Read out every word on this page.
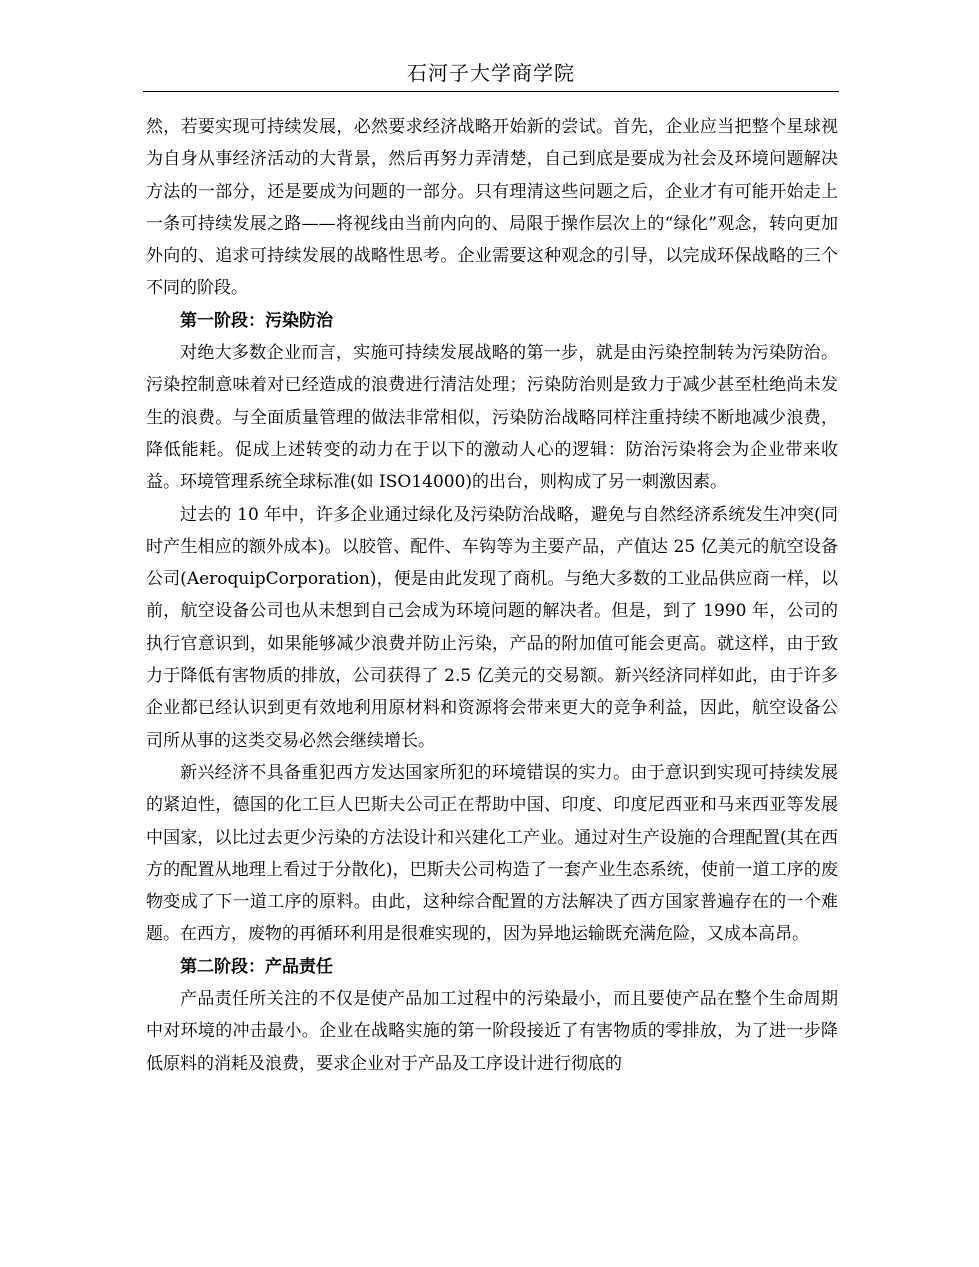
石河子大学商学院

然，若要实现可持续发展，必然要求经济战略开始新的尝试。首先，企业应当把整个星球视为自身从事经济活动的大背景，然后再努力弄清楚，自己到底是要成为社会及环境问题解决方法的一部分，还是要成为问题的一部分。只有理清这些问题之后，企业才有可能开始走上一条可持续发展之路——将视线由当前内向的、局限于操作层次上的“绿化”观念，转向更加外向的、追求可持续发展的战略性思考。企业需要这种观念的引导，以完成环保战略的三个不同的阶段。

第一阶段：污染防治

对绝大多数企业而言，实施可持续发展战略的第一步，就是由污染控制转为污染防治。污染控制意味着对已经造成的浪费进行清洁处理；污染防治则是致力于减少甚至杜绝尚未发生的浪费。与全面质量管理的做法非常相似，污染防治战略同样注重持续不断地减少浪费，降低能耗。促成上述转变的动力在于以下的激动人心的逻辑：防治污染将会为企业带来收益。环境管理系统全球标准(如 ISO14000)的出台，则构成了另一刺激因素。

过去的 10 年中，许多企业通过绿化及污染防治战略，避免与自然经济系统发生冲突(同时产生相应的额外成本)。以胶管、配件、车钩等为主要产品，产值达 25 亿美元的航空设备公司(AeroquipCorporation)，便是由此发现了商机。与绝大多数的工业品供应商一样，以前，航空设备公司也从未想到自己会成为环境问题的解决者。但是，到了 1990 年，公司的执行官意识到，如果能够减少浪费并防止污染，产品的附加值可能会更高。就这样，由于致力于降低有害物质的排放，公司获得了 2.5 亿美元的交易额。新兴经济同样如此，由于许多企业都已经认识到更有效地利用原材料和资源将会带来更大的竞争利益，因此，航空设备公司所从事的这类交易必然会继续增长。

新兴经济不具备重犯西方发达国家所犯的环境错误的实力。由于意识到实现可持续发展的紧迫性，德国的化工巨人巴斯夫公司正在帮助中国、印度、印度尼西亚和马来西亚等发展中国家，以比过去更少污染的方法设计和兴建化工产业。通过对生产设施的合理配置(其在西方的配置从地理上看过于分散化)，巴斯夫公司构造了一套产业生态系统，使前一道工序的废物变成了下一道工序的原料。由此，这种综合配置的方法解决了西方国家普遍存在的一个难题。在西方，废物的再循环利用是很难实现的，因为异地运输既充满危险，又成本高昂。

第二阶段：产品责任

产品责任所关注的不仅是使产品加工过程中的污染最小，而且要使产品在整个生命周期中对环境的冲击最小。企业在战略实施的第一阶段接近了有害物质的零排放，为了进一步降低原料的消耗及浪费，要求企业对于产品及工序设计进行彻底的
